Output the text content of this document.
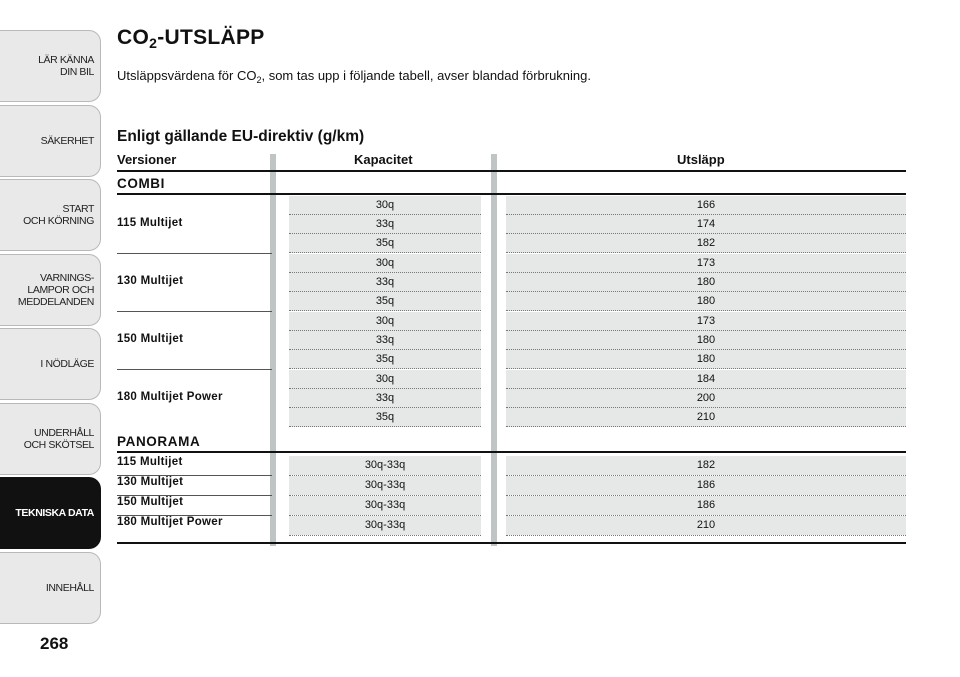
LÄR KÄNNA
DIN BIL
SÄKERHET
START
OCH KÖRNING
VARNINGS-
LAMPOR OCH
MEDDELANDEN
I NÖDLÄGE
UNDERHÅLL
OCH SKÖTSEL
TEKNISKA DATA
INNEHÅLL
268
$CO_2$-UTSLÄPP
Utsläppsvärdena för $CO_2$, som tas upp i följande tabell, avser blandad förbrukning.
Enligt gällande EU-direktiv (g/km)
Versioner	Kapacitet	Utsläpp
COMBI
115 Multijet
30q	166
33q	174
35q	182
130 Multijet
30q	173
33q	180
35q	180
150 Multijet
30q	173
33q	180
35q	180
180 Multijet Power
30q	184
33q	200
35q	210
PANORAMA
115 Multijet	30q-33q	182
130 Multijet	30q-33q	186
150 Multijet	30q-33q	186
180 Multijet Power	30q-33q	210
